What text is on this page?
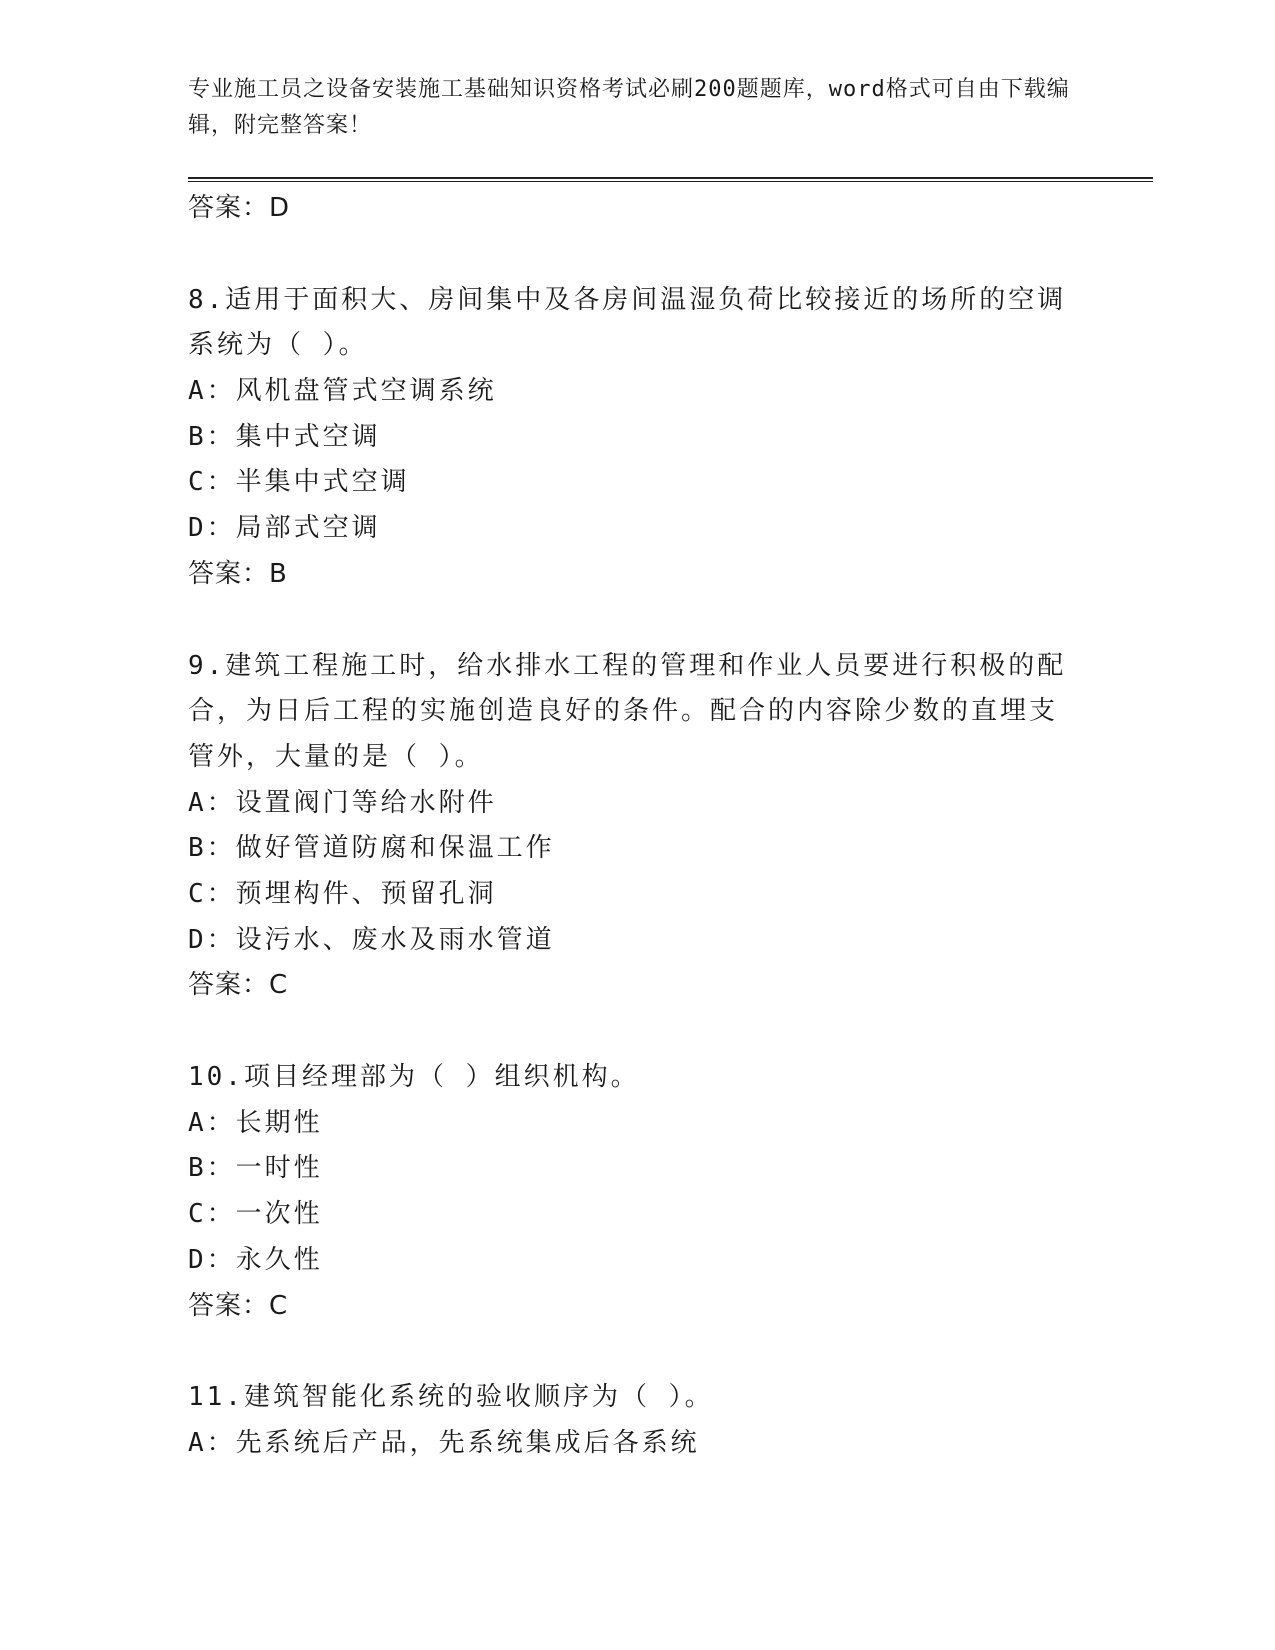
专业施工员之设备安装施工基础知识资格考试必刷200题题库，word格式可自由下载编辑，附完整答案！
答案：D
8.适用于面积大、房间集中及各房间温湿负荷比较接近的场所的空调
系统为（ ）。
A：风机盘管式空调系统
B：集中式空调
C：半集中式空调
D：局部式空调
答案：B
9.建筑工程施工时，给水排水工程的管理和作业人员要进行积极的配
合，为日后工程的实施创造良好的条件。配合的内容除少数的直埋支
管外，大量的是（ ）。
A：设置阀门等给水附件
B：做好管道防腐和保温工作
C：预埋构件、预留孔洞
D：设污水、废水及雨水管道
答案：C
10.项目经理部为（ ）组织机构。
A：长期性
B：一时性
C：一次性
D：永久性
答案：C
11.建筑智能化系统的验收顺序为（ ）。
A：先系统后产品，先系统集成后各系统
